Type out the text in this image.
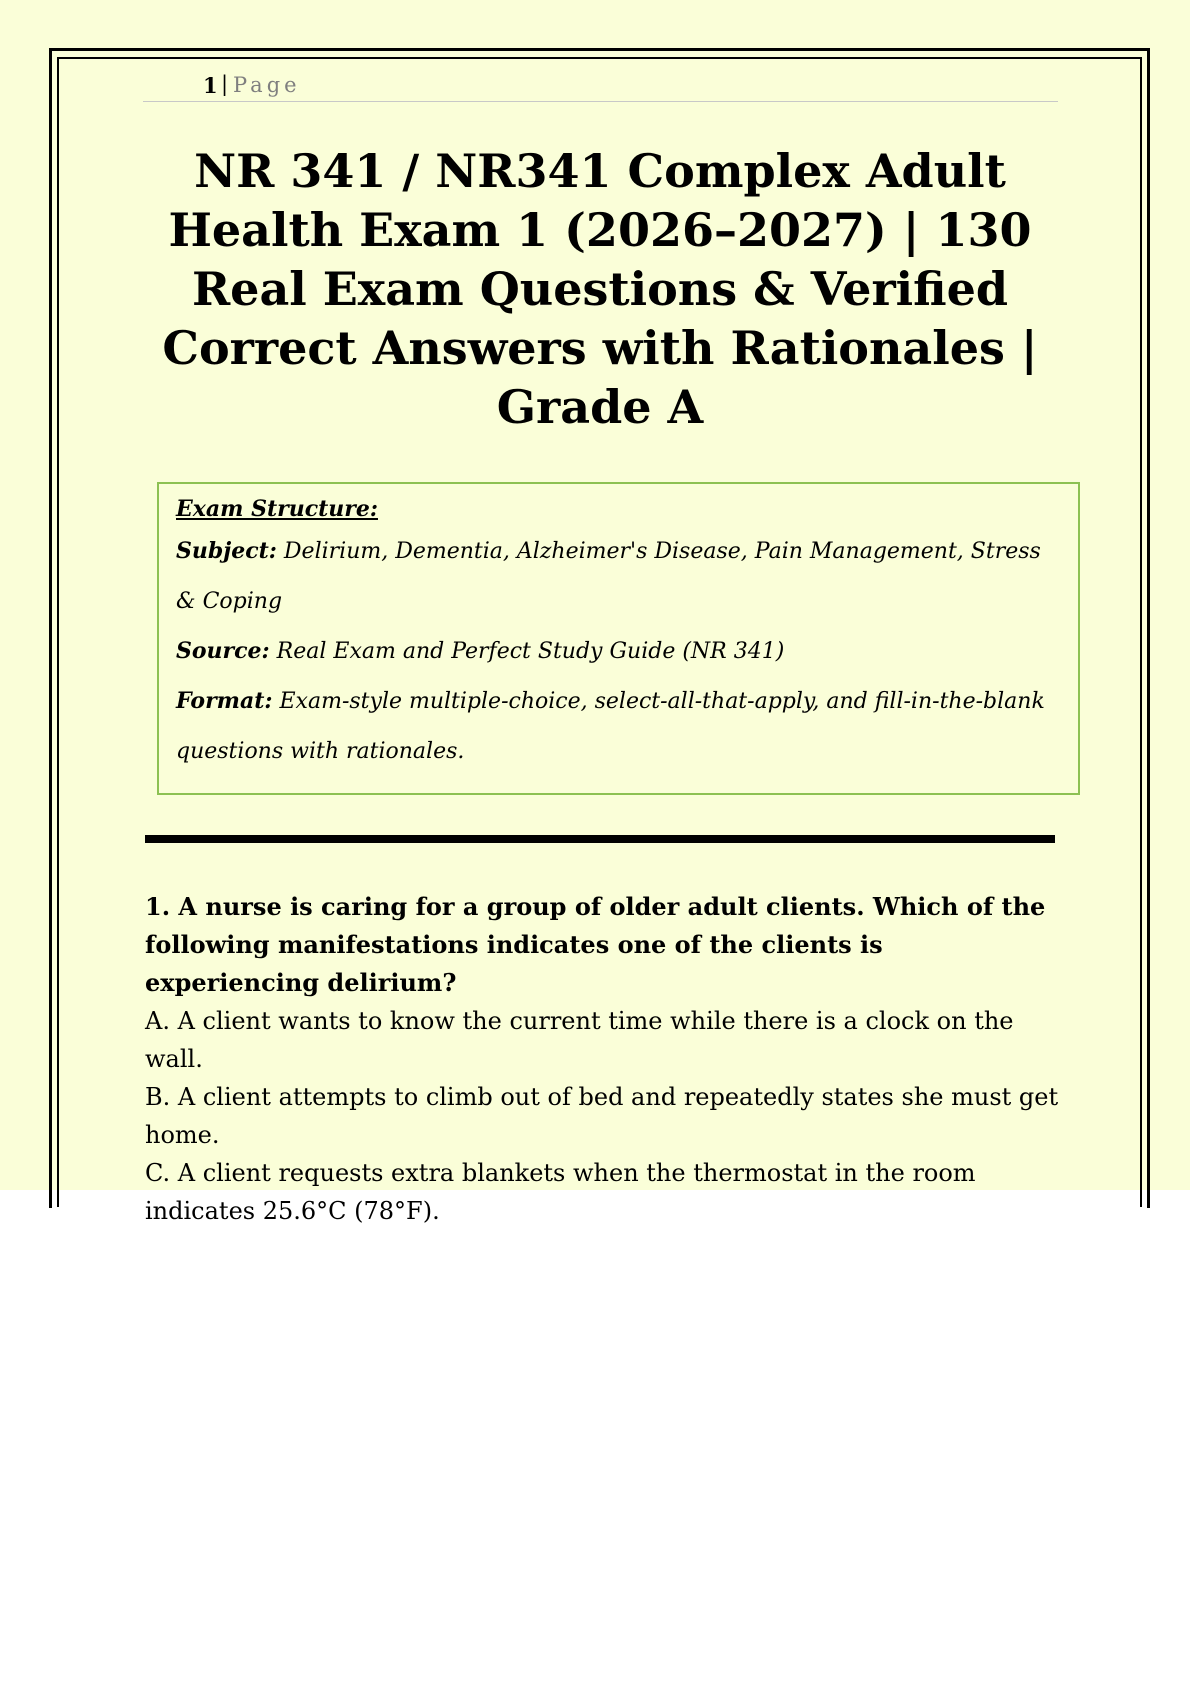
1 | Page
NR 341 / NR341 Complex Adult Health Exam 1 (2026–2027) | 130 Real Exam Questions & Verified Correct Answers with Rationales | Grade A
Exam Structure:
Subject: Delirium, Dementia, Alzheimer's Disease, Pain Management, Stress & Coping
Source: Real Exam and Perfect Study Guide (NR 341)
Format: Exam-style multiple-choice, select-all-that-apply, and fill-in-the-blank questions with rationales.
1. A nurse is caring for a group of older adult clients. Which of the following manifestations indicates one of the clients is experiencing delirium?
A. A client wants to know the current time while there is a clock on the wall.
B. A client attempts to climb out of bed and repeatedly states she must get home.
C. A client requests extra blankets when the thermostat in the room indicates 25.6°C (78°F).
